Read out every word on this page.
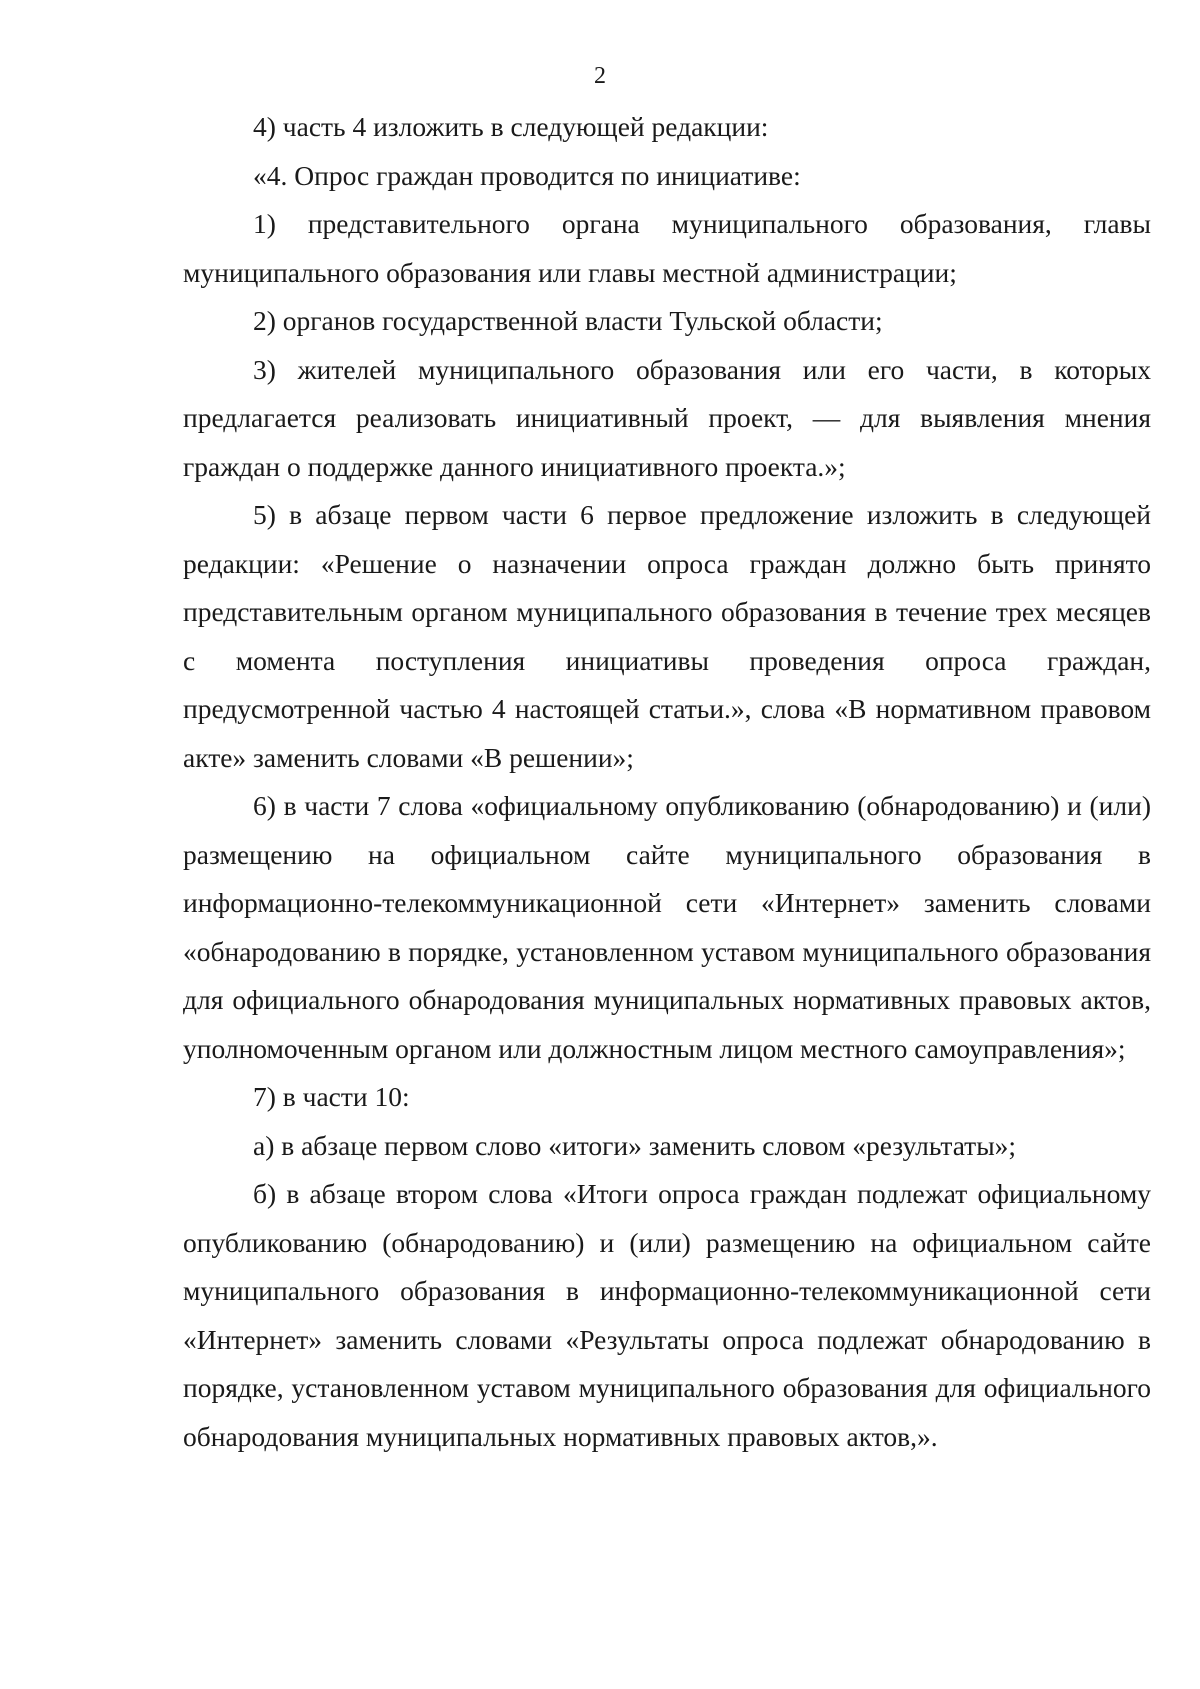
2

4) часть 4 изложить в следующей редакции:

«4. Опрос граждан проводится по инициативе:

1) представительного органа муниципального образования, главы муниципального образования или главы местной администрации;

2) органов государственной власти Тульской области;

3) жителей муниципального образования или его части, в которых предлагается реализовать инициативный проект, — для выявления мнения граждан о поддержке данного инициативного проекта.»;

5) в абзаце первом части 6 первое предложение изложить в следующей редакции: «Решение о назначении опроса граждан должно быть принято представительным органом муниципального образования в течение трех месяцев с момента поступления инициативы проведения опроса граждан, предусмотренной частью 4 настоящей статьи.», слова «В нормативном правовом акте» заменить словами «В решении»;

6) в части 7 слова «официальному опубликованию (обнародованию) и (или) размещению на официальном сайте муниципального образования в информационно-телекоммуникационной сети «Интернет» заменить словами «обнародованию в порядке, установленном уставом муниципального образования для официального обнародования муниципальных нормативных правовых актов, уполномоченным органом или должностным лицом местного самоуправления»;

7) в части 10:

а) в абзаце первом слово «итоги» заменить словом «результаты»;

б) в абзаце втором слова «Итоги опроса граждан подлежат официальному опубликованию (обнародованию) и (или) размещению на официальном сайте муниципального образования в информационно-телекоммуникационной сети «Интернет» заменить словами «Результаты опроса подлежат обнародованию в порядке, установленном уставом муниципального образования для официального обнародования муниципальных нормативных правовых актов,».
